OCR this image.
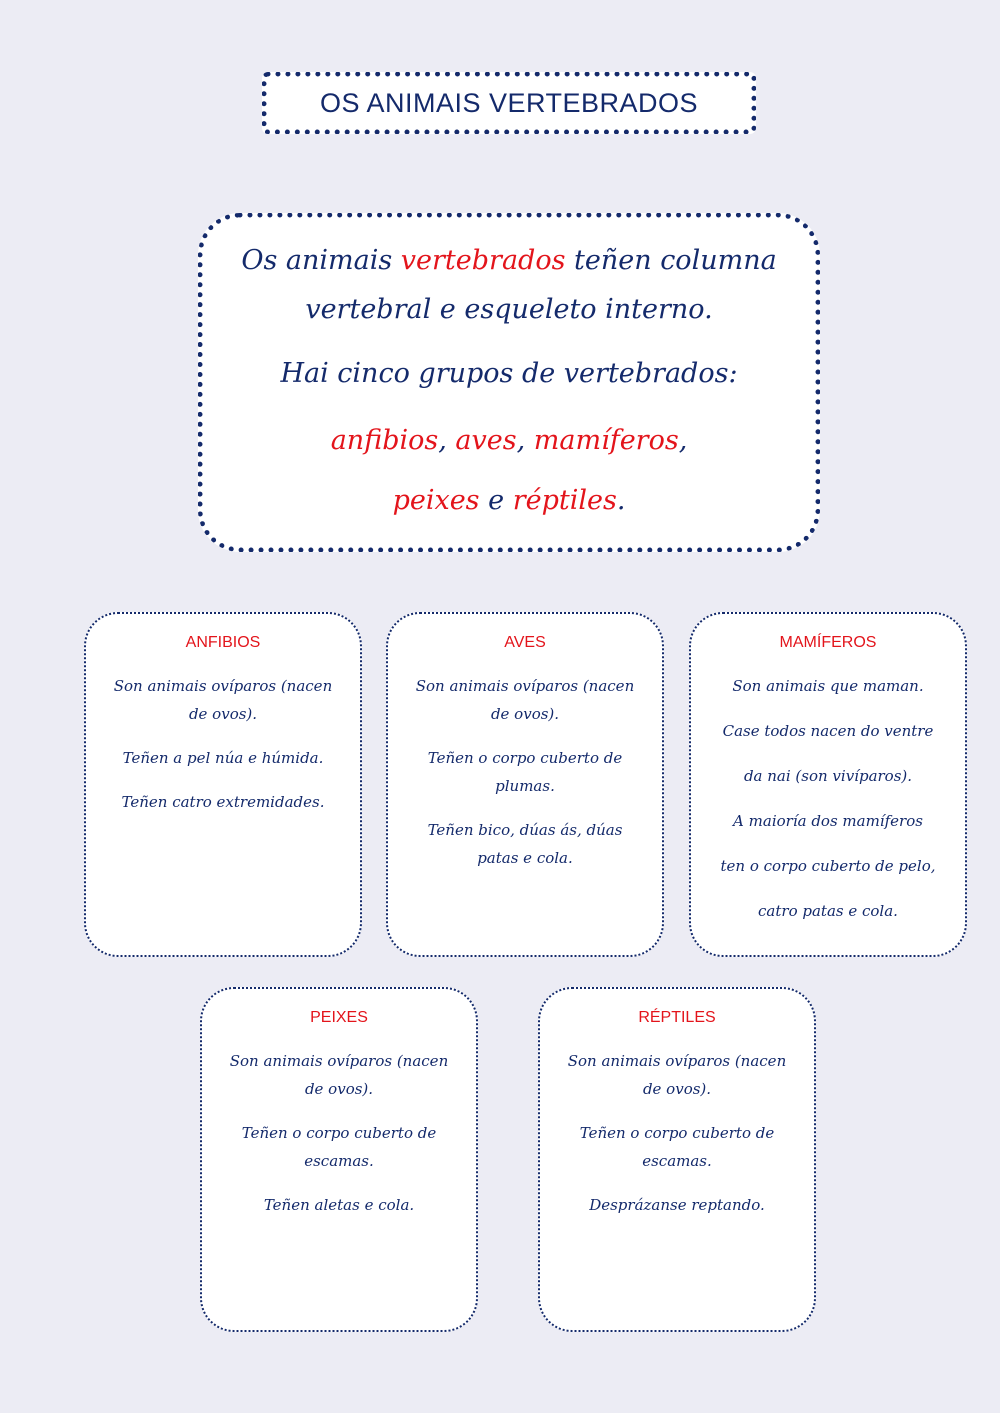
OS ANIMAIS VERTEBRADOS
Os animais vertebrados teñen columna
vertebral e esqueleto interno.
Hai cinco grupos de vertebrados:
anfibios, aves, mamíferos,
peixes e réptiles.
ANFIBIOS

Son animais ovíparos (nacen de ovos).

Teñen a pel núa e húmida.

Teñen catro extremidades.

AVES

Son animais ovíparos (nacen de ovos).

Teñen o corpo cuberto de plumas.

Teñen bico, dúas ás, dúas patas e cola.

MAMÍFEROS

Son animais que maman.

Case todos nacen do ventre

da nai (son vivíparos).

A maioría dos mamíferos

ten o corpo cuberto de pelo,

catro patas e cola.

PEIXES

Son animais ovíparos (nacen de ovos).

Teñen o corpo cuberto de escamas.

Teñen aletas e cola.

RÉPTILES

Son animais ovíparos (nacen de ovos).

Teñen o corpo cuberto de escamas.

Desprázanse reptando.
